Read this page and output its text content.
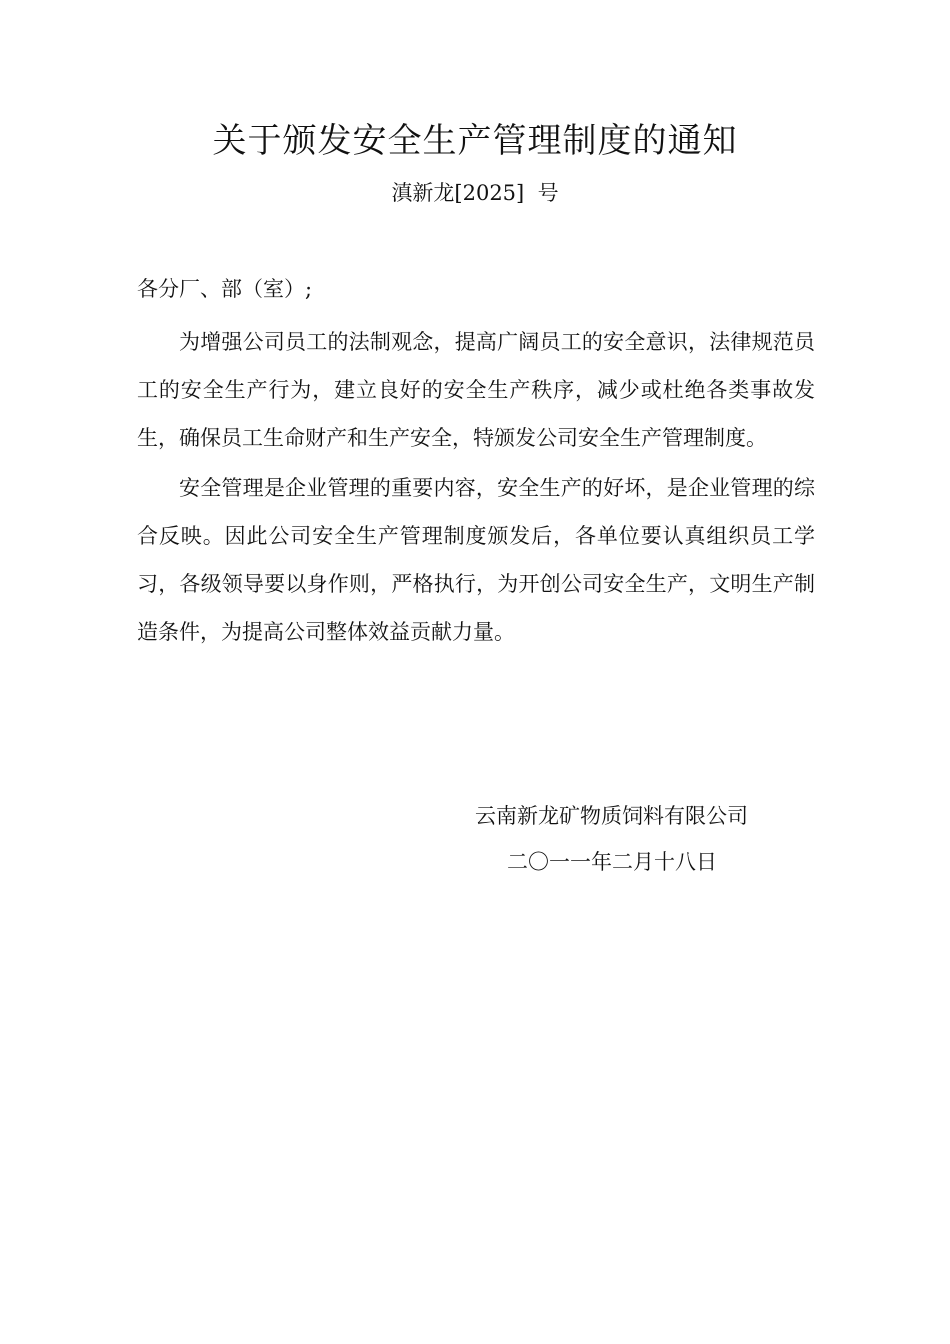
关于颁发安全生产管理制度的通知
滇新龙[2025]  号
各分厂、部（室）;

为增强公司员工的法制观念，提高广阔员工的安全意识，法律规范员工的安全生产行为，建立良好的安全生产秩序，减少或杜绝各类事故发生，确保员工生命财产和生产安全，特颁发公司安全生产管理制度。

安全管理是企业管理的重要内容，安全生产的好坏，是企业管理的综合反映。因此公司安全生产管理制度颁发后，各单位要认真组织员工学习，各级领导要以身作则，严格执行，为开创公司安全生产，文明生产制造条件，为提高公司整体效益贡献力量。

云南新龙矿物质饲料有限公司
二〇一一年二月十八日
